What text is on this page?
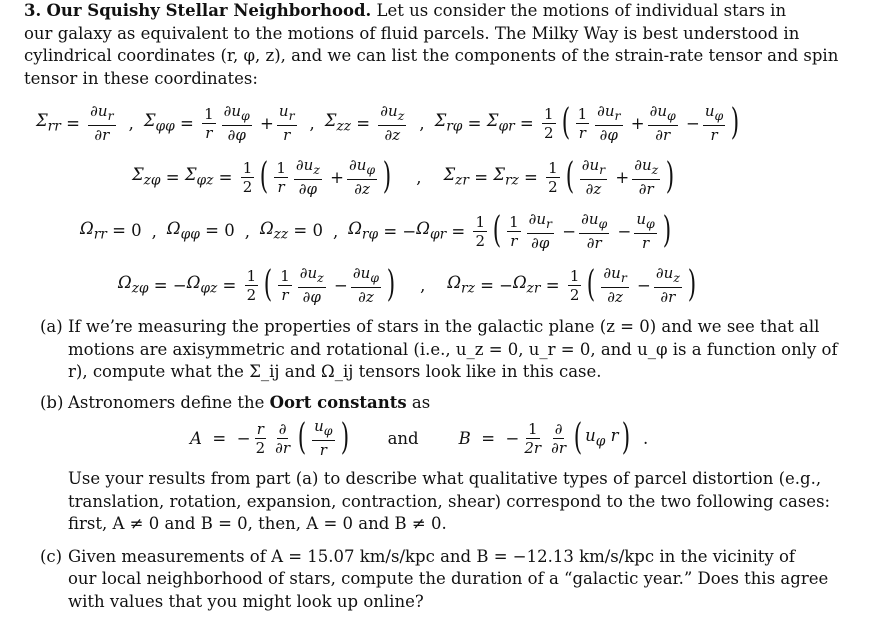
3. Our Squishy Stellar Neighborhood. Let us consider the motions of individual stars in
our galaxy as equivalent to the motions of fluid parcels. The Milky Way is best understood in
cylindrical coordinates (r, φ, z), and we can list the components of the strain-rate tensor and spin
tensor in these coordinates:

$\Sigma_{rr} = \frac{\partial u_r}{\partial r}$ , $\Sigma_{\varphi\varphi} = \frac{1}{r} \frac{\partial u_\varphi}{\partial\varphi} + \frac{u_r}{r}$ , $\Sigma_{zz} = \frac{\partial u_z}{\partial z}$ , $\Sigma_{r\varphi} = \Sigma_{\varphi r} = \frac{1}{2}$ ( $\frac{1}{r} \frac{\partial u_r}{\partial\varphi} + \frac{\partial u_\varphi}{\partial r} - \frac{u_\varphi}{r}$ )
$\Sigma_{z\varphi} = \Sigma_{\varphi z} = \frac{1}{2}$ ( $\frac{1}{r} \frac{\partial u_z}{\partial\varphi} + \frac{\partial u_\varphi}{\partial z}$ ) , $\Sigma_{zr} = \Sigma_{rz} = \frac{1}{2}$ ( $\frac{\partial u_r}{\partial z} + \frac{\partial u_z}{\partial r}$ )
$\Omega_{rr} = 0$ , $\Omega_{\varphi\varphi} = 0$ , $\Omega_{zz} = 0$ , $\Omega_{r\varphi}$ = − $\Omega_{\varphi r} = \frac{1}{2}$ ( $\frac{1}{r} \frac{\partial u_r}{\partial\varphi} - \frac{\partial u_\varphi}{\partial r} - \frac{u_\varphi}{r}$ )
$\Omega_{z\varphi}$ = − $\Omega_{\varphi z} = \frac{1}{2}$ ( $\frac{1}{r} \frac{\partial u_z}{\partial\varphi} - \frac{\partial u_\varphi}{\partial z}$ ) , $\Omega_{rz}$ = − $\Omega_{zr} = \frac{1}{2}$ ( $\frac{\partial u_r}{\partial z} - \frac{\partial u_z}{\partial r}$ )
(a) If we’re measuring the properties of stars in the galactic plane (z = 0) and we see that all
motions are axisymmetric and rotational (i.e., u_z = 0, u_r = 0, and u_φ is a function only of
r), compute what the Σ_ij and Ω_ij tensors look like in this case.
(b) Astronomers define the Oort constants as
A =  − $\frac{r}{2} \frac{\partial}{\partial r}$ ( $\frac{u_\varphi}{r}$ ) and B =  − $\frac{1}{2r} \frac{\partial}{\partial r}$ ( $u_\varphi$ r ) .
Use your results from part (a) to describe what qualitative types of parcel distortion (e.g.,
translation, rotation, expansion, contraction, shear) correspond to the two following cases:
first, A ≠ 0 and B = 0, then, A = 0 and B ≠ 0.
(c) Given measurements of A = 15.07 km/s/kpc and B = −12.13 km/s/kpc in the vicinity of
our local neighborhood of stars, compute the duration of a “galactic year.” Does this agree
with values that you might look up online?
